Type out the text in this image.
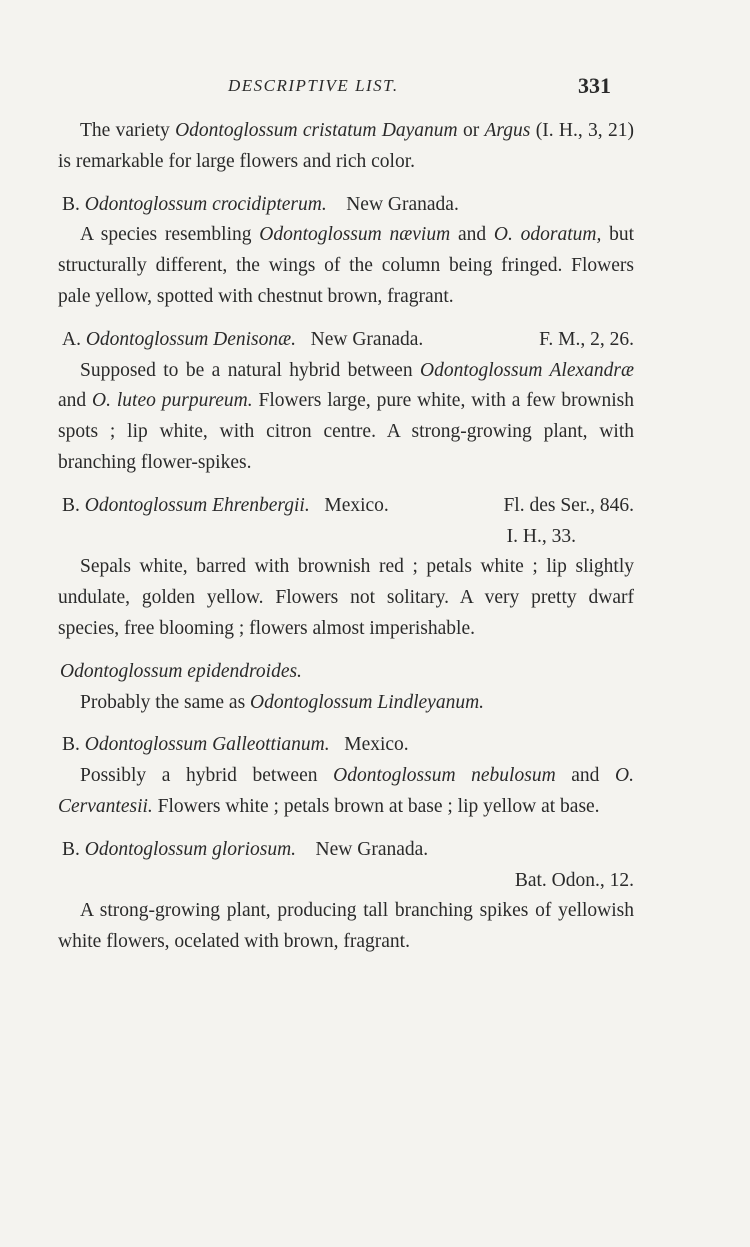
DESCRIPTIVE LIST.	331

The variety Odontoglossum cristatum Dayanum or Argus (I. H., 3, 21) is remarkable for large flowers and rich color.

B. Odontoglossum crocidipterum. New Granada.

A species resembling Odontoglossum nævium and O. odoratum, but structurally different, the wings of the column being fringed. Flowers pale yellow, spotted with chestnut brown, fragrant.

A. Odontoglossum Denisonæ. New Granada.	F. M., 2, 26.

Supposed to be a natural hybrid between Odontoglossum Alexandræ and O. luteo purpureum. Flowers large, pure white, with a few brownish spots ; lip white, with citron centre. A strong-growing plant, with branching flower-spikes.

B. Odontoglossum Ehrenbergii. Mexico.	Fl. des Ser., 846.

I. H., 33.

Sepals white, barred with brownish red ; petals white ; lip slightly undulate, golden yellow. Flowers not solitary. A very pretty dwarf species, free blooming ; flowers almost imperishable.

Odontoglossum epidendroides.

Probably the same as Odontoglossum Lindleyanum.

B. Odontoglossum Galleottianum. Mexico.

Possibly a hybrid between Odontoglossum nebulosum and O. Cervantesii. Flowers white ; petals brown at base ; lip yellow at base.

B. Odontoglossum gloriosum. New Granada.

Bat. Odon., 12.

A strong-growing plant, producing tall branching spikes of yellowish white flowers, ocelated with brown, fragrant.
